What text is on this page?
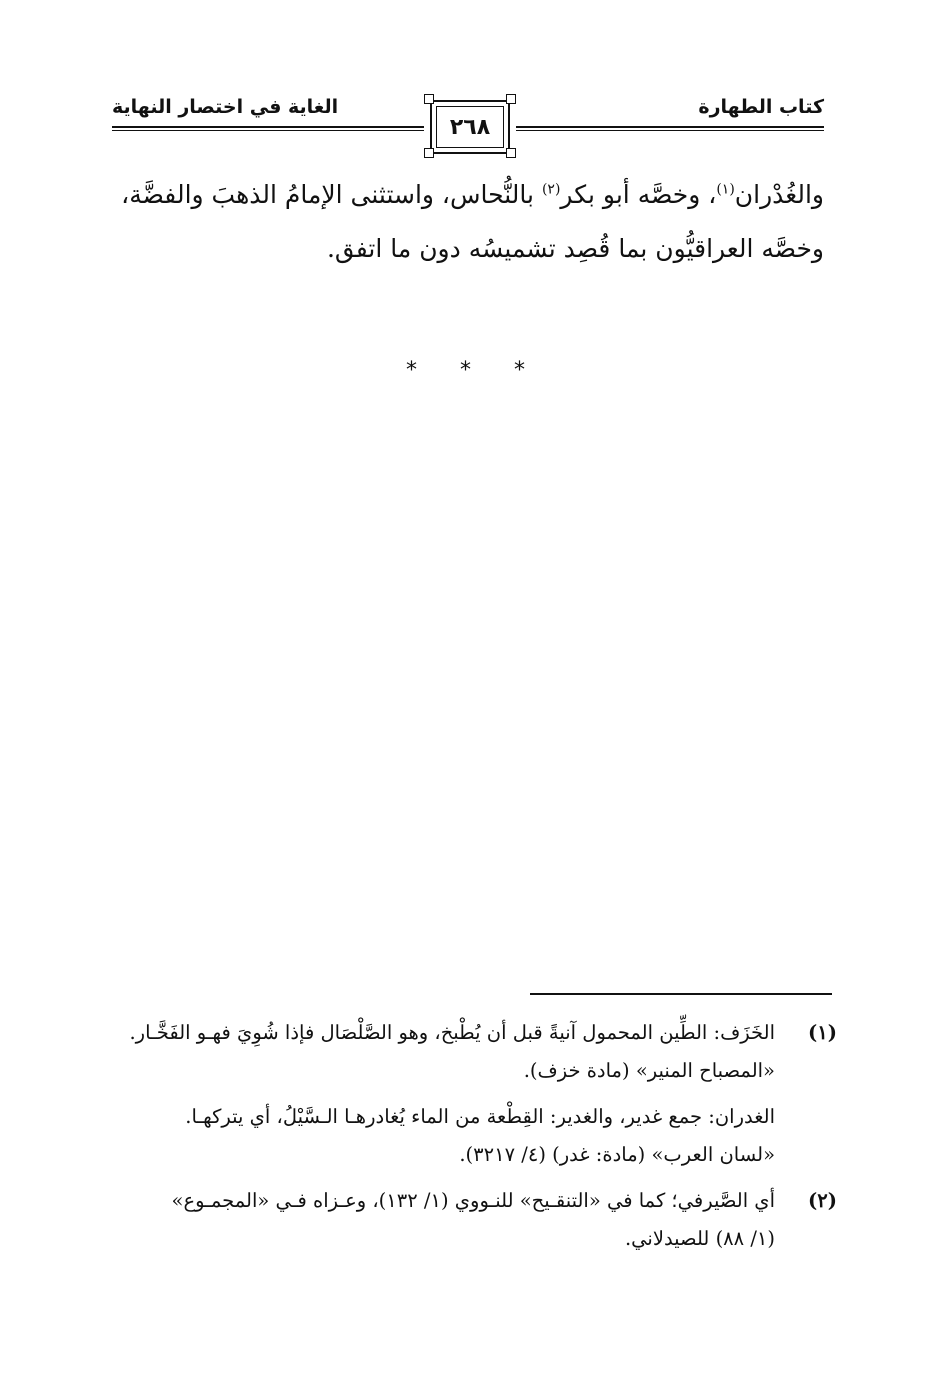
كتاب الطهارة
الغاية في اختصار النهاية
٢٦٨

والغُدْران$^{(١)}$، وخصَّه أبو بكر$^{(٢)}$ بالنُّحاس، واستثنى الإمامُ الذهبَ والفضَّة،

وخصَّه العراقيُّون بما قُصِد تشميسُه دون ما اتفق.

* * *
(١)
الخَزَف: الطِّين المحمول آنيةً قبل أن يُطْبخ، وهو الصَّلْصَال فإذا شُوِيَ فهـو الفَخَّـار.
«المصباح المنير» (مادة خزف).
الغدران: جمع غدير، والغدير: القِطْعة من الماء يُغادرهـا الـسَّيْلُ، أي يتركهـا.
«لسان العرب» (مادة: غدر) (٤/ ٣٢١٧).
(٢)
أي الصَّيرفي؛ كما في «التنقـيح» للنـووي (١/ ١٣٢)، وعـزاه فـي «المجمـوع»
(١/ ٨٨) للصيدلاني.
